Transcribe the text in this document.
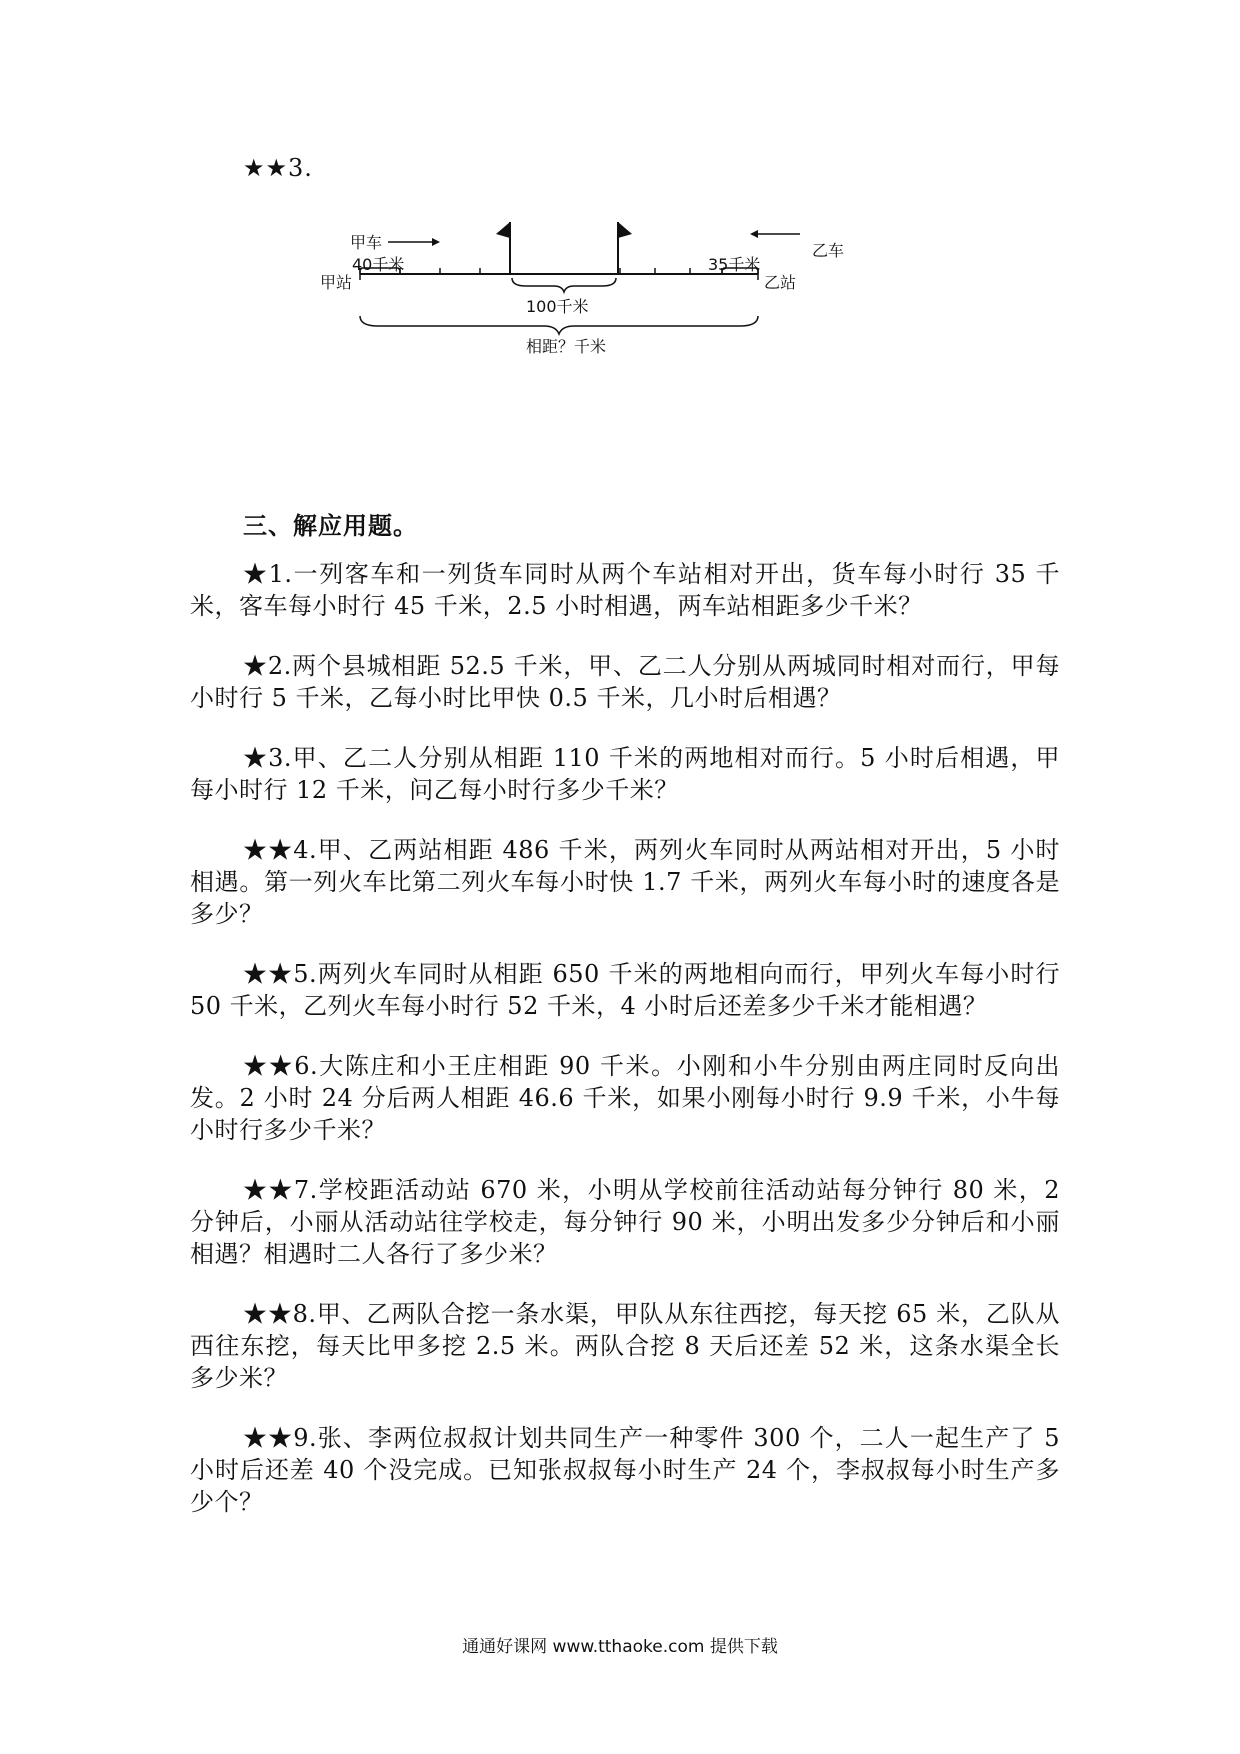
★★3.
甲车	乙车
40千米	35千米
甲站	乙站
100千米
相距？千米
三、解应用题。

★1.一列客车和一列货车同时从两个车站相对开出，货车每小时行 35 千米，客车每小时行 45 千米，2.5 小时相遇，两车站相距多少千米？

★2.两个县城相距 52.5 千米，甲、乙二人分别从两城同时相对而行，甲每小时行 5 千米，乙每小时比甲快 0.5 千米，几小时后相遇？

★3.甲、乙二人分别从相距 110 千米的两地相对而行。5 小时后相遇，甲每小时行 12 千米，问乙每小时行多少千米？

★★4.甲、乙两站相距 486 千米，两列火车同时从两站相对开出，5 小时相遇。第一列火车比第二列火车每小时快 1.7 千米，两列火车每小时的速度各是多少？

★★5.两列火车同时从相距 650 千米的两地相向而行，甲列火车每小时行 50 千米，乙列火车每小时行 52 千米，4 小时后还差多少千米才能相遇？

★★6.大陈庄和小王庄相距 90 千米。小刚和小牛分别由两庄同时反向出发。2 小时 24 分后两人相距 46.6 千米，如果小刚每小时行 9.9 千米，小牛每小时行多少千米？

★★7.学校距活动站 670 米，小明从学校前往活动站每分钟行 80 米，2 分钟后，小丽从活动站往学校走，每分钟行 90 米，小明出发多少分钟后和小丽相遇？相遇时二人各行了多少米？

★★8.甲、乙两队合挖一条水渠，甲队从东往西挖，每天挖 65 米，乙队从西往东挖，每天比甲多挖 2.5 米。两队合挖 8 天后还差 52 米，这条水渠全长多少米？

★★9.张、李两位叔叔计划共同生产一种零件 300 个，二人一起生产了 5 小时后还差 40 个没完成。已知张叔叔每小时生产 24 个，李叔叔每小时生产多少个？

通通好课网 www.tthaoke.com 提供下载
